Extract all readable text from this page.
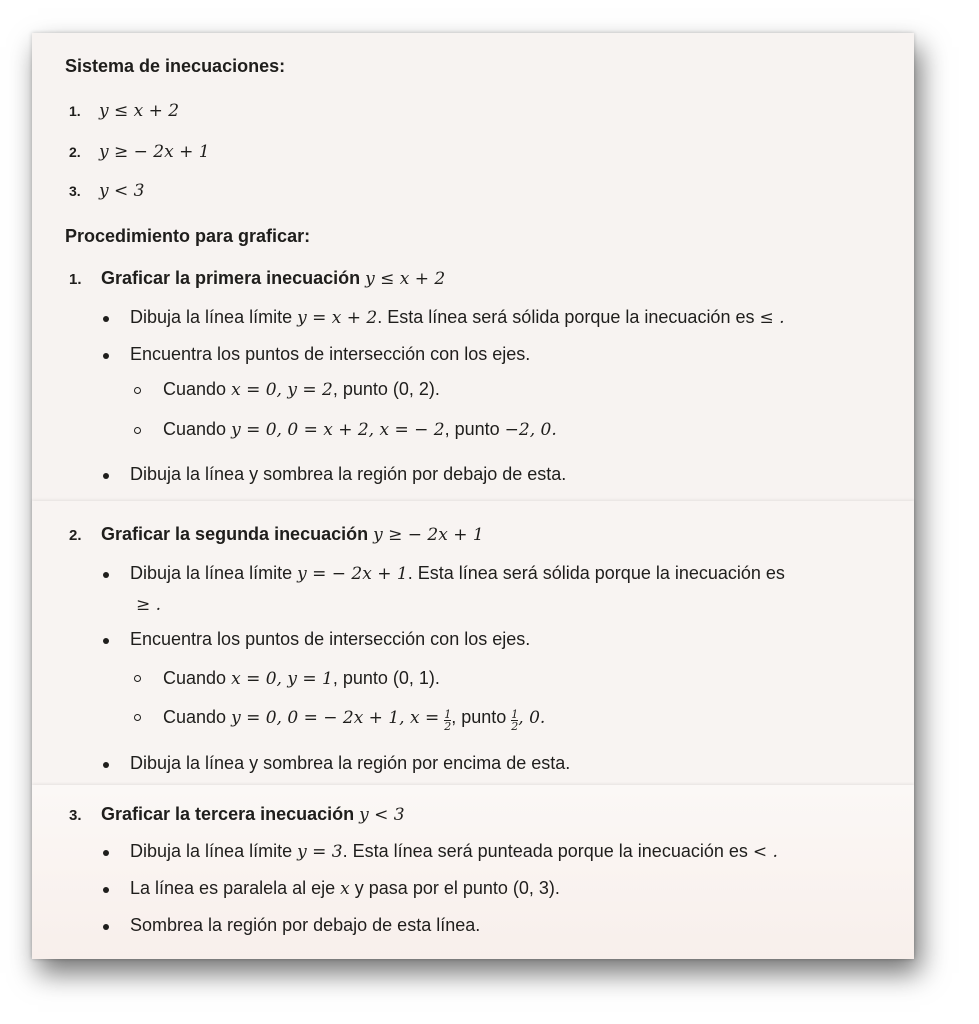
Sistema de inecuaciones:
1. y ≤ x + 2
2. y ≥ − 2x + 1
3. y < 3
Procedimiento para graficar:
1. Graficar la primera inecuación y ≤ x + 2
Dibuja la línea límite y = x + 2. Esta línea será sólida porque la inecuación es ≤ .
Encuentra los puntos de intersección con los ejes.
Cuando x = 0, y = 2, punto (0, 2).
Cuando y = 0, 0 = x + 2, x = − 2, punto −2, 0.
Dibuja la línea y sombrea la región por debajo de esta.
2. Graficar la segunda inecuación y ≥ − 2x + 1
Dibuja la línea límite y = − 2x + 1. Esta línea será sólida porque la inecuación es
≥ .
Encuentra los puntos de intersección con los ejes.
Cuando x = 0, y = 1, punto (0, 1).
Cuando y = 0, 0 = − 2x + 1, $x = \frac{1}{2}$ , punto $\frac{1}{2}$ , 0.
Dibuja la línea y sombrea la región por encima de esta.
3. Graficar la tercera inecuación y < 3
Dibuja la línea límite y = 3. Esta línea será punteada porque la inecuación es < .
La línea es paralela al eje x y pasa por el punto (0, 3).
Sombrea la región por debajo de esta línea.
